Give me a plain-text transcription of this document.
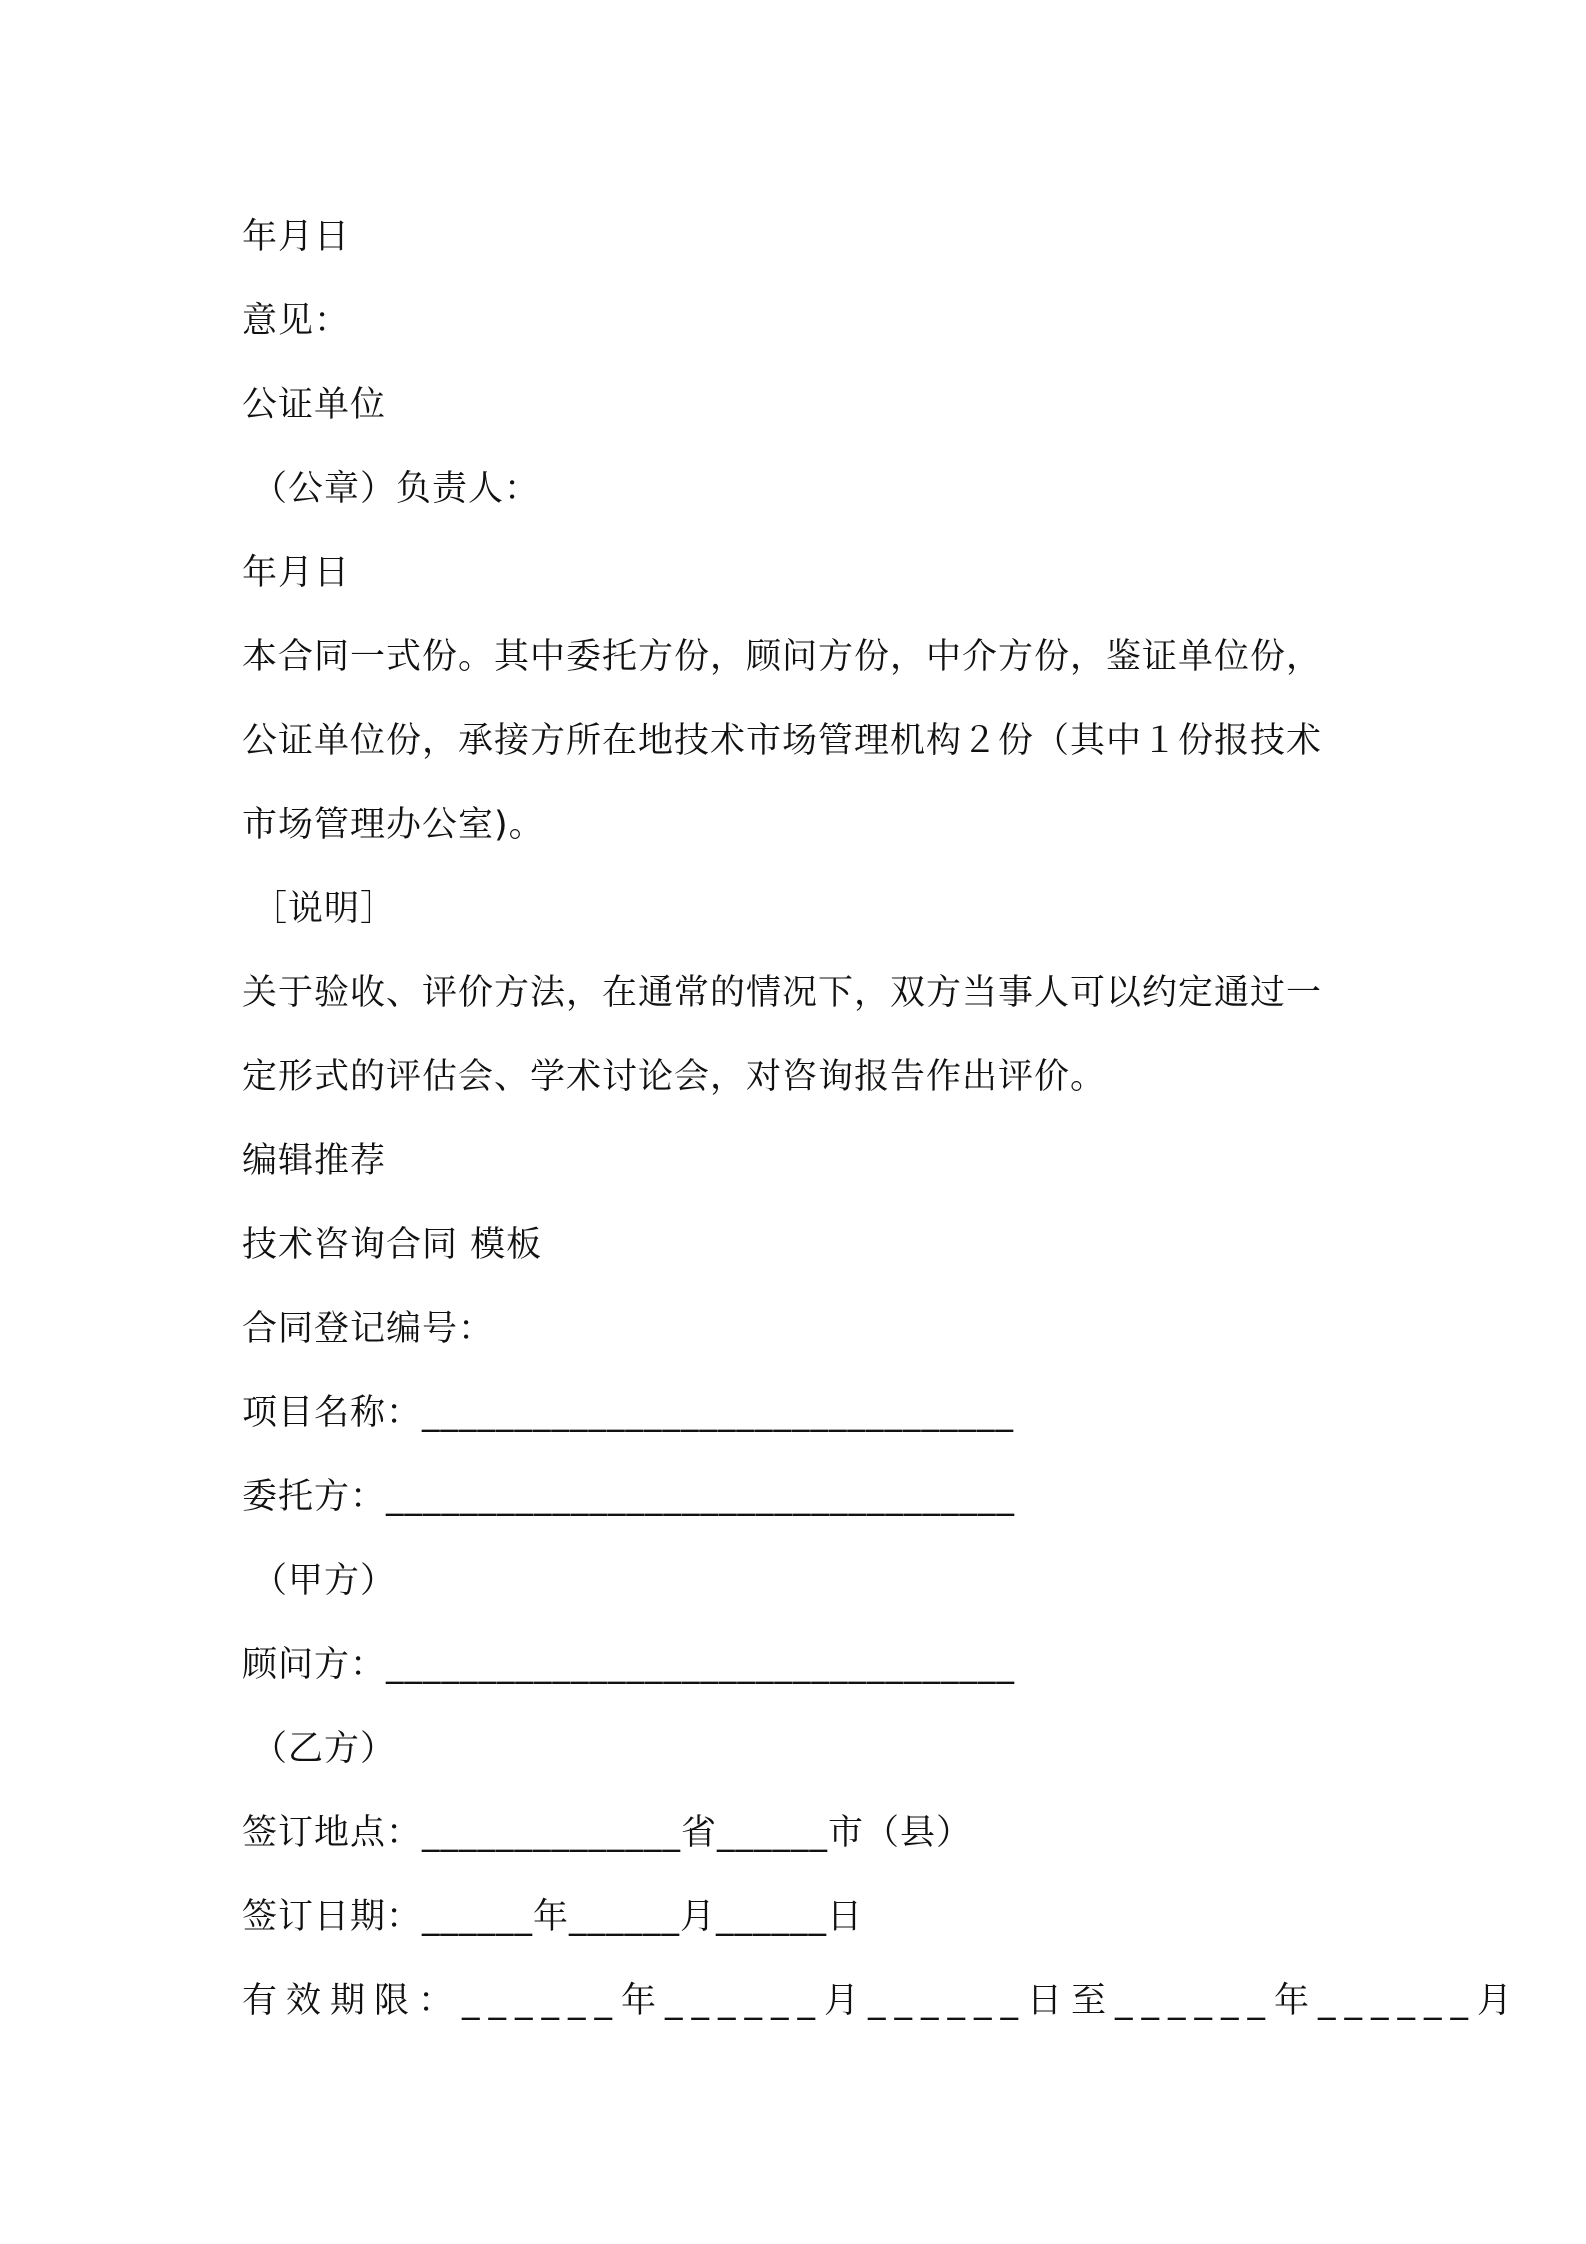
年月日
意见：
公证单位
（公章）负责人：
年月日
本合同一式份。其中委托方份，顾问方份，中介方份，鉴证单位份，公证单位份，承接方所在地技术市场管理机构２份（其中１份报技术市场管理办公室)。
［说明］
关于验收、评价方法，在通常的情况下，双方当事人可以约定通过一定形式的评估会、学术讨论会，对咨询报告作出评价。
编辑推荐
技术咨询合同 模板
合同登记编号：
项目名称：________________________________
委托方：__________________________________
（甲方）
顾问方：__________________________________
（乙方）
签订地点：______________省______市（县）
签订日期：______年______月______日
有效期限：______年______月______日至______年______月
